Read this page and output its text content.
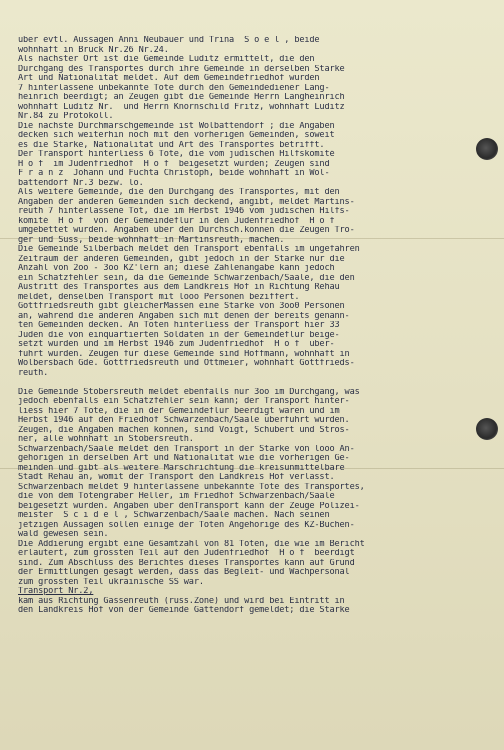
über evtl. Aussagen Anni Neubauer und Trina  S ö e l , beide
wohnhaft in Bruck Nr.26 Nr.24.
Als nächster Ort ist die Gemeinde Lüditz ermittelt, die den
Durchgang des Transportes durch ihre Gemeinde in derselben Stärke
Art und Nationalität meldet. Auf dem Gemeindefriedhof wurden
7 hinterlassene unbekannte Tote durch den Gemeindediener Lang-
heinrich beerdigt; an Zeugen gibt die Gemeinde Herrn Langheinrich
wohnhaft Lüditz Nr.  und Herrn Knörnschild Fritz, wohnhaft Lüditz
Nr.84 zu Protokoll.
Die nächste Durchmarschgemeinde ist Wölbattendorf ; die Angaben
decken sich weiterhin noch mit den vorherigen Gemeinden, soweit
es die Stärke, Nationalität und Art des Transportes betrifft.
Der Transport hinterliess 6 Tote, die vom jüdischen Hilfskomité
H o f  im Judenfriedhof  H o f  beigesetzt wurden; Zeugen sind
F r a n z  Johann und Fuchta Christoph, beide wohnhaft in Wöl-
battendorf Nr.3 bezw. lo.
Als weitere Gemeinde, die den Durchgang des Transportes, mit den
Angaben der anderen Gemeinden sich deckend, angibt, meldet Martins-
reuth 7 hinterlassene Tot, die im Herbst 1946 vom jüdischen Hilfs-
komité  H o f  von der Gemeindeflur in den Judenfriedhof  H o f
umgebettet wurden. Angaben über den Durchsch.können die Zeugen Trö-
ger und Süss, beide wohnhaft in Martinsreuth, machen.
Die Gemeinde Silberbach meldet den Transport ebenfalls im ungefähren
Zeitraum der anderen Gemeinden, gibt jedoch in der Stärke nur die
Anzahl von 2oo - 3oo KZ'lern an; diese Zahlenangabe kann jedoch
ein Schätzfehler sein, da die Gemeinde Schwarzenbach/Saale, die den
Austritt des Transportes aus dem Landkreis Hof in Richtung Rehau
meldet, denselben Transport mit looo Personen beziffert.
Gottfriedsreuth gibt gleicherMassen eine Stärke von 3oo0 Personen
an, während die anderen Angaben sich mit denen der bereits genann-
ten Gemeinden decken. An Toten hinterliess der Transport hier 33
Juden die von einquartierten Soldaten in der Gemeindeflur beige-
setzt wurden und im Herbst 1946 zum Judenfriedhof  H o f  über-
führt wurden. Zeugen für diese Gemeinde sind Hoffmann, wohnhaft in
Wölbersbach Gde. Gottfriedsreuth und Ottmeier, wohnhaft Gottfrieds-
reuth.
Die Gemeinde Stobersreuth meldet ebenfalls nur 3oo im Durchgang, was
jedoch ebenfalls ein Schätzfehler sein kann; der Transport hinter-
liess hier 7 Tote, die in der Gemeindeflur beerdigt waren und im
Herbst 1946 auf den Friedhof Schwarzenbach/Saale überführt wurden.
Zeugen, die Angaben machen können, sind Voigt, Schubert und Strös-
ner, alle wohnhaft in Stobersreuth.
Schwarzenbach/Saale meldet den Transport in der Stärke von looo An-
gehörigen in derselben Art und Nationalität wie die vorherigen Ge-
meinden und gibt als weitere Marschrichtung die kreisunmittelbare
Stadt Rehau an, womit der Transport den Landkreis Hof verlässt.
Schwarzenbach meldet 9 hinterlassene unbekannte Tote des Transportes,
die von dem Totengräber Heller, im Friedhof Schwarzenbach/Saale
beigesetzt wurden. Angaben über denTransport kann der Zeuge Polizei-
meister  S c i d e l , Schwarzenbach/Saale machen. Nach seinen
jetzigen Aussagen sollen einige der Toten Angehörige des KZ-Buchen-
wald gewesen sein.
Die Addierung ergibt eine Gesamtzahl von 81 Toten, die wie im Bericht
erläutert, zum grössten Teil auf den Judenfriedhof  H o f  beerdigt
sind. Zum Abschluss des Berichtes dieses Transportes kann auf Grund
der Ermittlungen gesagt werden, dass das Begleit- und Wachpersonal
zum grössten Teil ukrainische SS war.
Transport Nr.2,
kam aus Richtung Gassenreuth (russ.Zone) und wird bei Eintritt in
den Landkreis Hof von der Gemeinde Gattendorf gemeldet; die Stärke
